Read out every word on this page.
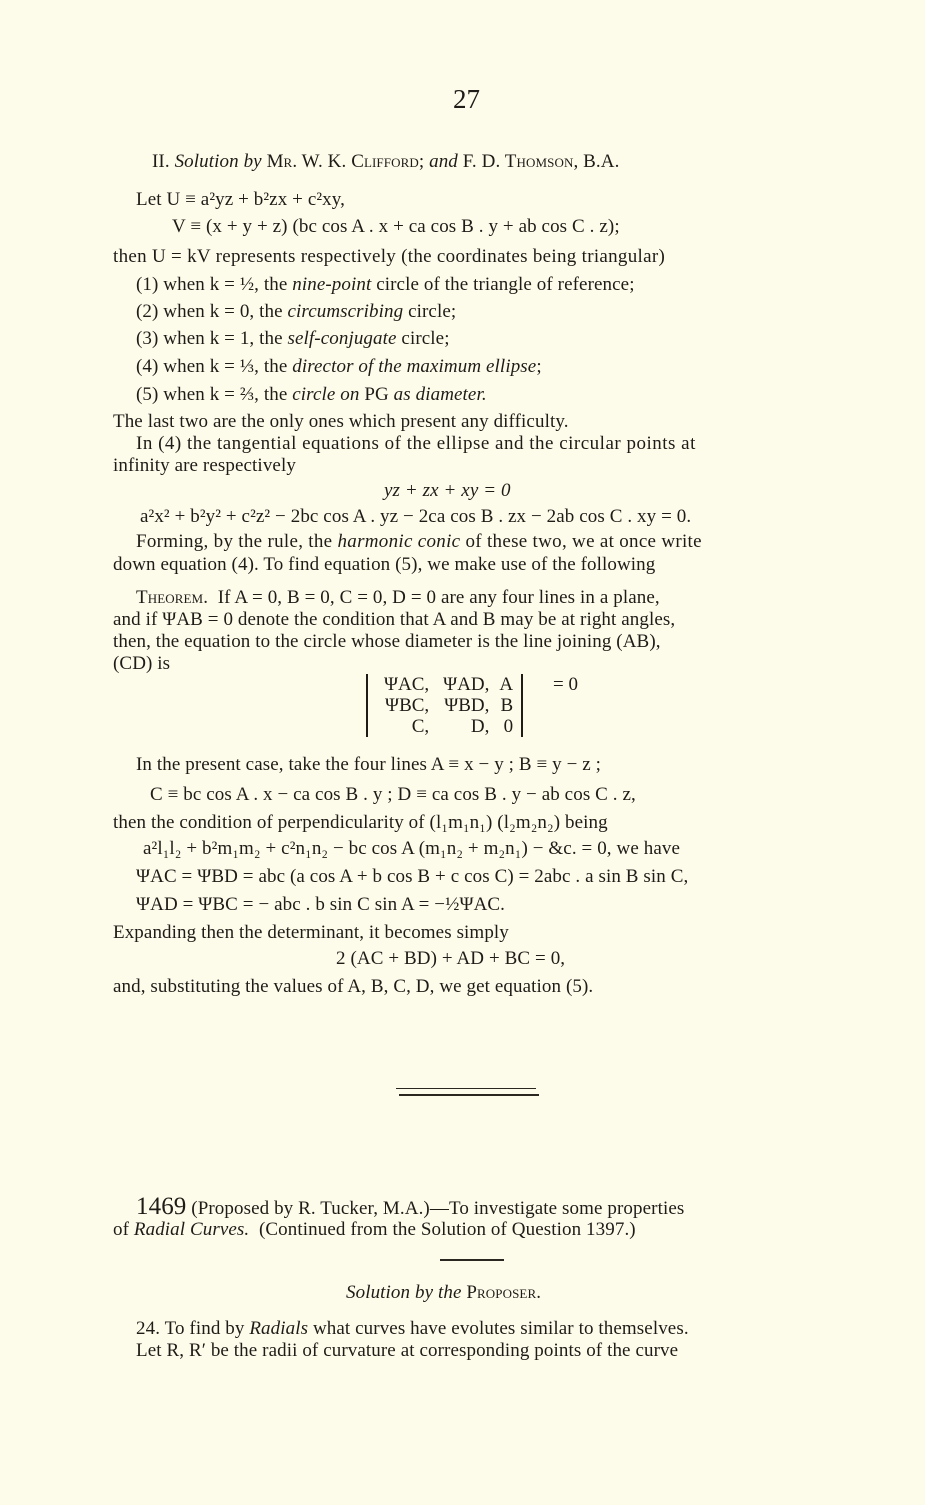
27
II. Solution by Mr. W. K. Clifford; and F. D. Thomson, B.A.
Let U ≡ a²yz + b²zx + c²xy,
V ≡ (x + y + z) (bc cos A . x + ca cos B . y + ab cos C . z);
then U = kV represents respectively (the coordinates being triangular)
(1) when k = ½, the nine-point circle of the triangle of reference;
(2) when k = 0, the circumscribing circle;
(3) when k = 1, the self-conjugate circle;
(4) when k = ⅓, the director of the maximum ellipse;
(5) when k = ⅔, the circle on PG as diameter.
The last two are the only ones which present any difficulty.
In (4) the tangential equations of the ellipse and the circular points at
infinity are respectively
yz + zx + xy = 0
a²x² + b²y² + c²z² − 2bc cos A . yz − 2ca cos B . zx − 2ab cos C . xy = 0.
Forming, by the rule, the harmonic conic of these two, we at once write
down equation (4). To find equation (5), we make use of the following
Theorem. If A = 0, B = 0, C = 0, D = 0 are any four lines in a plane,
and if ΨAB = 0 denote the condition that A and B may be at right angles,
then, the equation to the circle whose diameter is the line joining (AB),
(CD) is
ΨAC,	ΨAD,	A
ΨBC,	ΨBD,	B
C,	D,	0
= 0
In the present case, take the four lines A ≡ x − y ; B ≡ y − z ;
C ≡ bc cos A . x − ca cos B . y ; D ≡ ca cos B . y − ab cos C . z,
then the condition of perpendicularity of (l₁m₁n₁) (l₂m₂n₂) being
a²l₁l₂ + b²m₁m₂ + c²n₁n₂ − bc cos A (m₁n₂ + m₂n₁) − &c. = 0, we have
ΨAC = ΨBD = abc (a cos A + b cos B + c cos C) = 2abc . a sin B sin C,
ΨAD = ΨBC = − abc . b sin C sin A = −½ΨAC.
Expanding then the determinant, it becomes simply
2 (AC + BD) + AD + BC = 0,
and, substituting the values of A, B, C, D, we get equation (5).
1469 (Proposed by R. Tucker, M.A.)—To investigate some properties
of Radial Curves. (Continued from the Solution of Question 1397.)
Solution by the Proposer.
24. To find by Radials what curves have evolutes similar to themselves.
Let R, R′ be the radii of curvature at corresponding points of the curve
